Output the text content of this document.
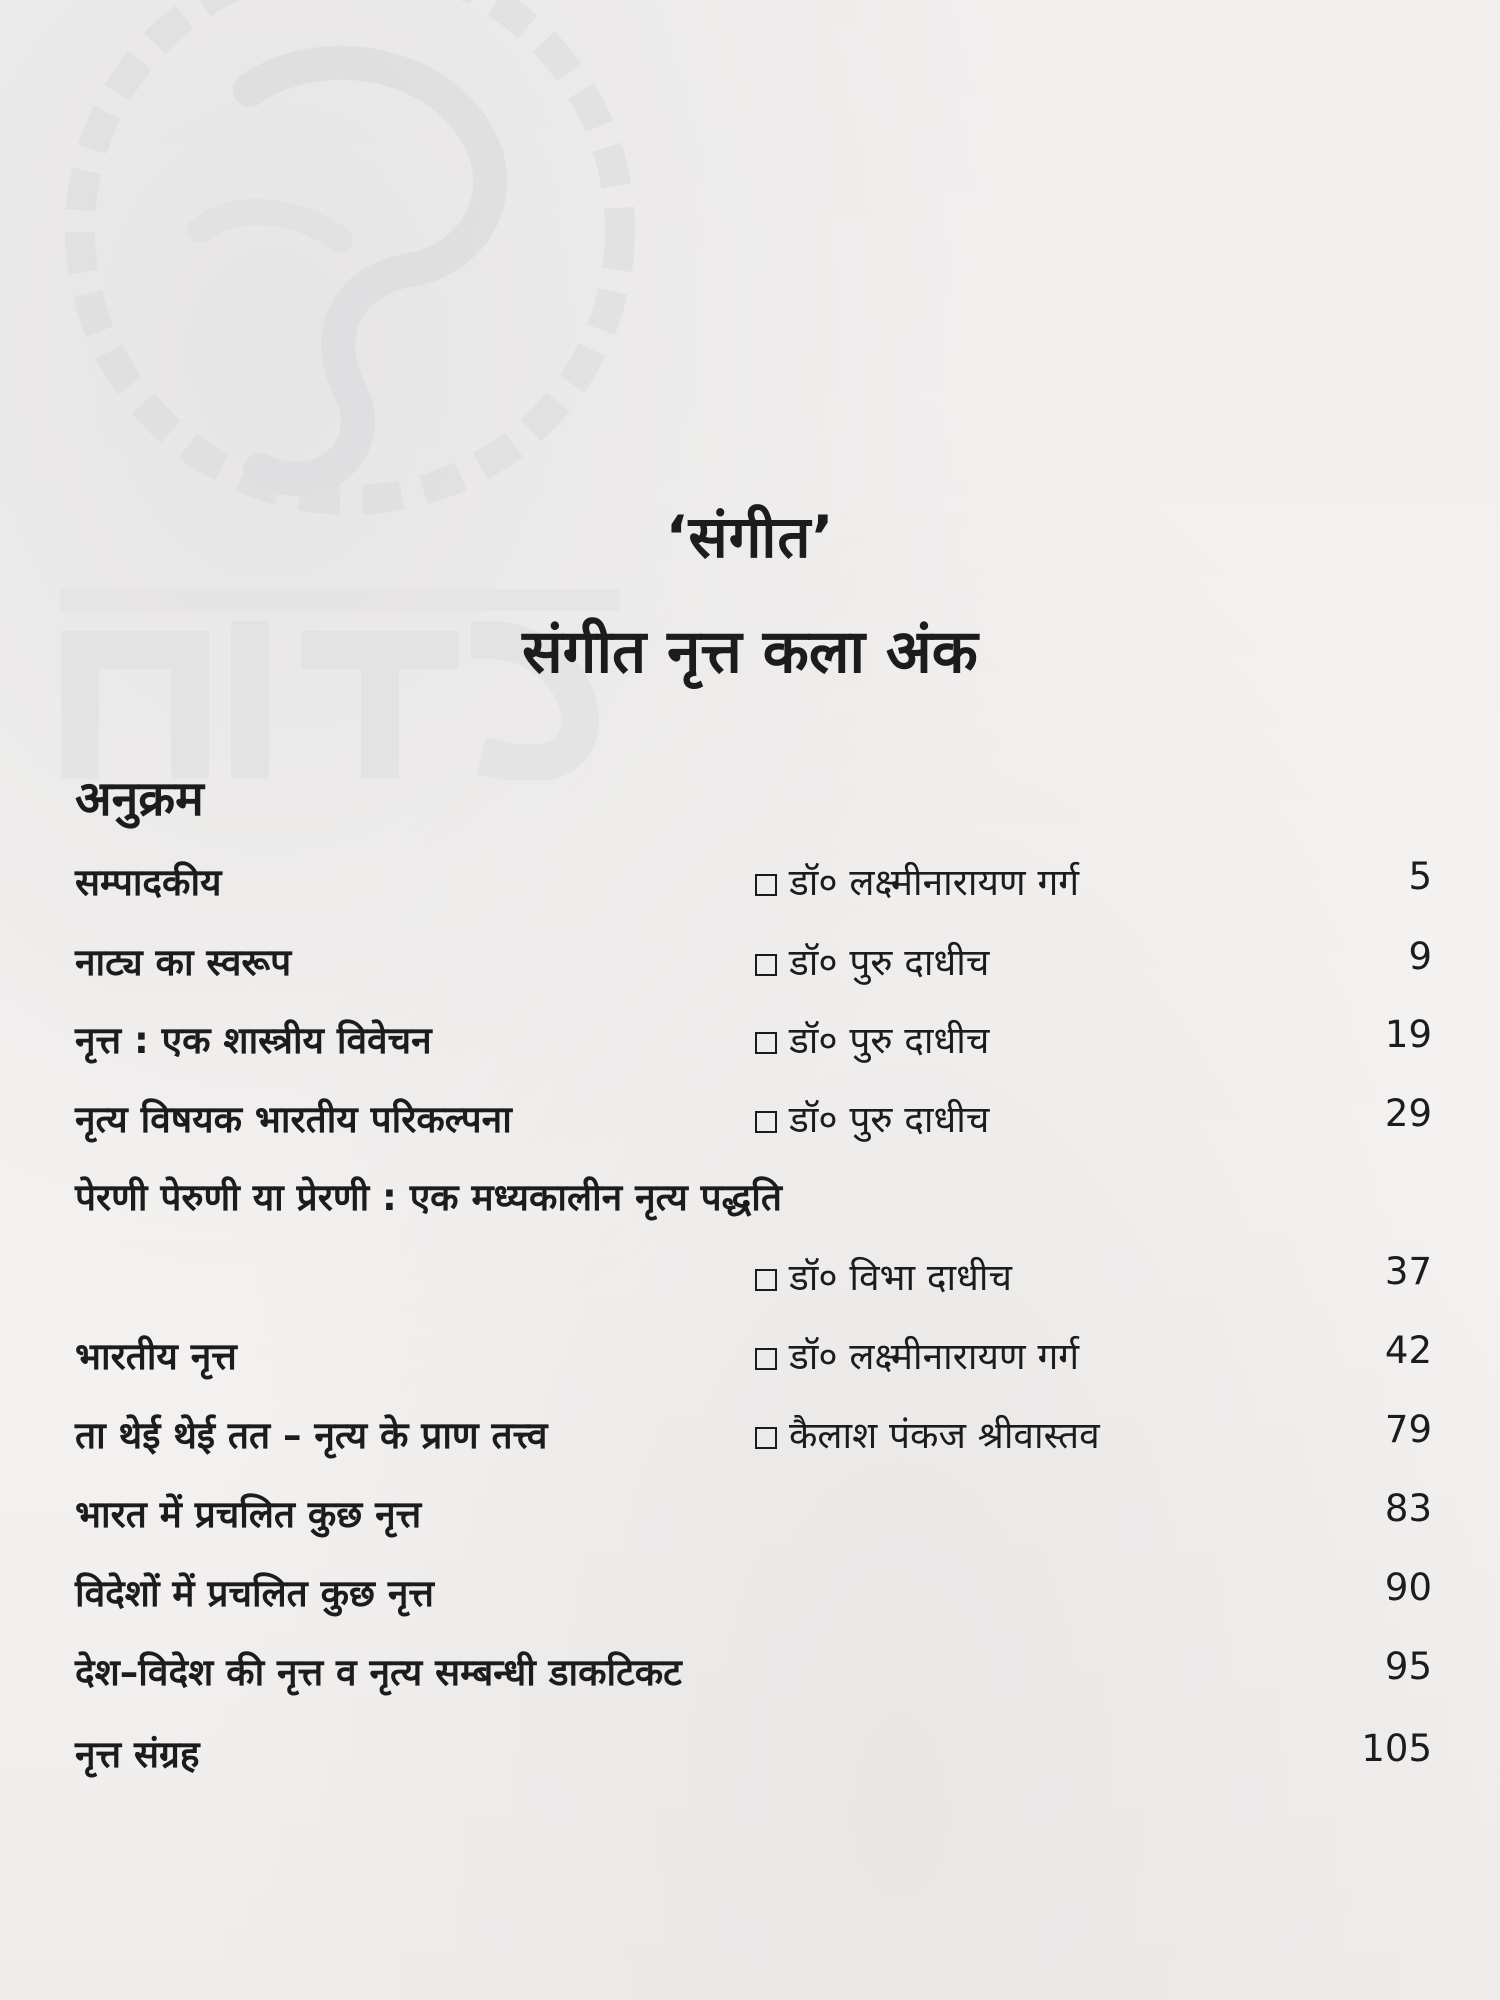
‘संगीत’
संगीत नृत्त कला अंक
अनुक्रम
सम्पादकीय	डॉ० लक्ष्मीनारायण गर्ग	5
नाट्य का स्वरूप	डॉ० पुरु दाधीच	9
नृत्त : एक शास्त्रीय विवेचन	डॉ० पुरु दाधीच	19
नृत्य विषयक भारतीय परिकल्पना	डॉ० पुरु दाधीच	29
पेरणी पेरुणी या प्रेरणी : एक मध्यकालीन नृत्य पद्धति
डॉ० विभा दाधीच	37
भारतीय नृत्त	डॉ० लक्ष्मीनारायण गर्ग	42
ता थेई थेई तत – नृत्य के प्राण तत्त्व	कैलाश पंकज श्रीवास्तव	79
भारत में प्रचलित कुछ नृत्त	83
विदेशों में प्रचलित कुछ नृत्त	90
देश–विदेश की नृत्त व नृत्य सम्बन्धी डाकटिकट	95
नृत्त संग्रह	105
